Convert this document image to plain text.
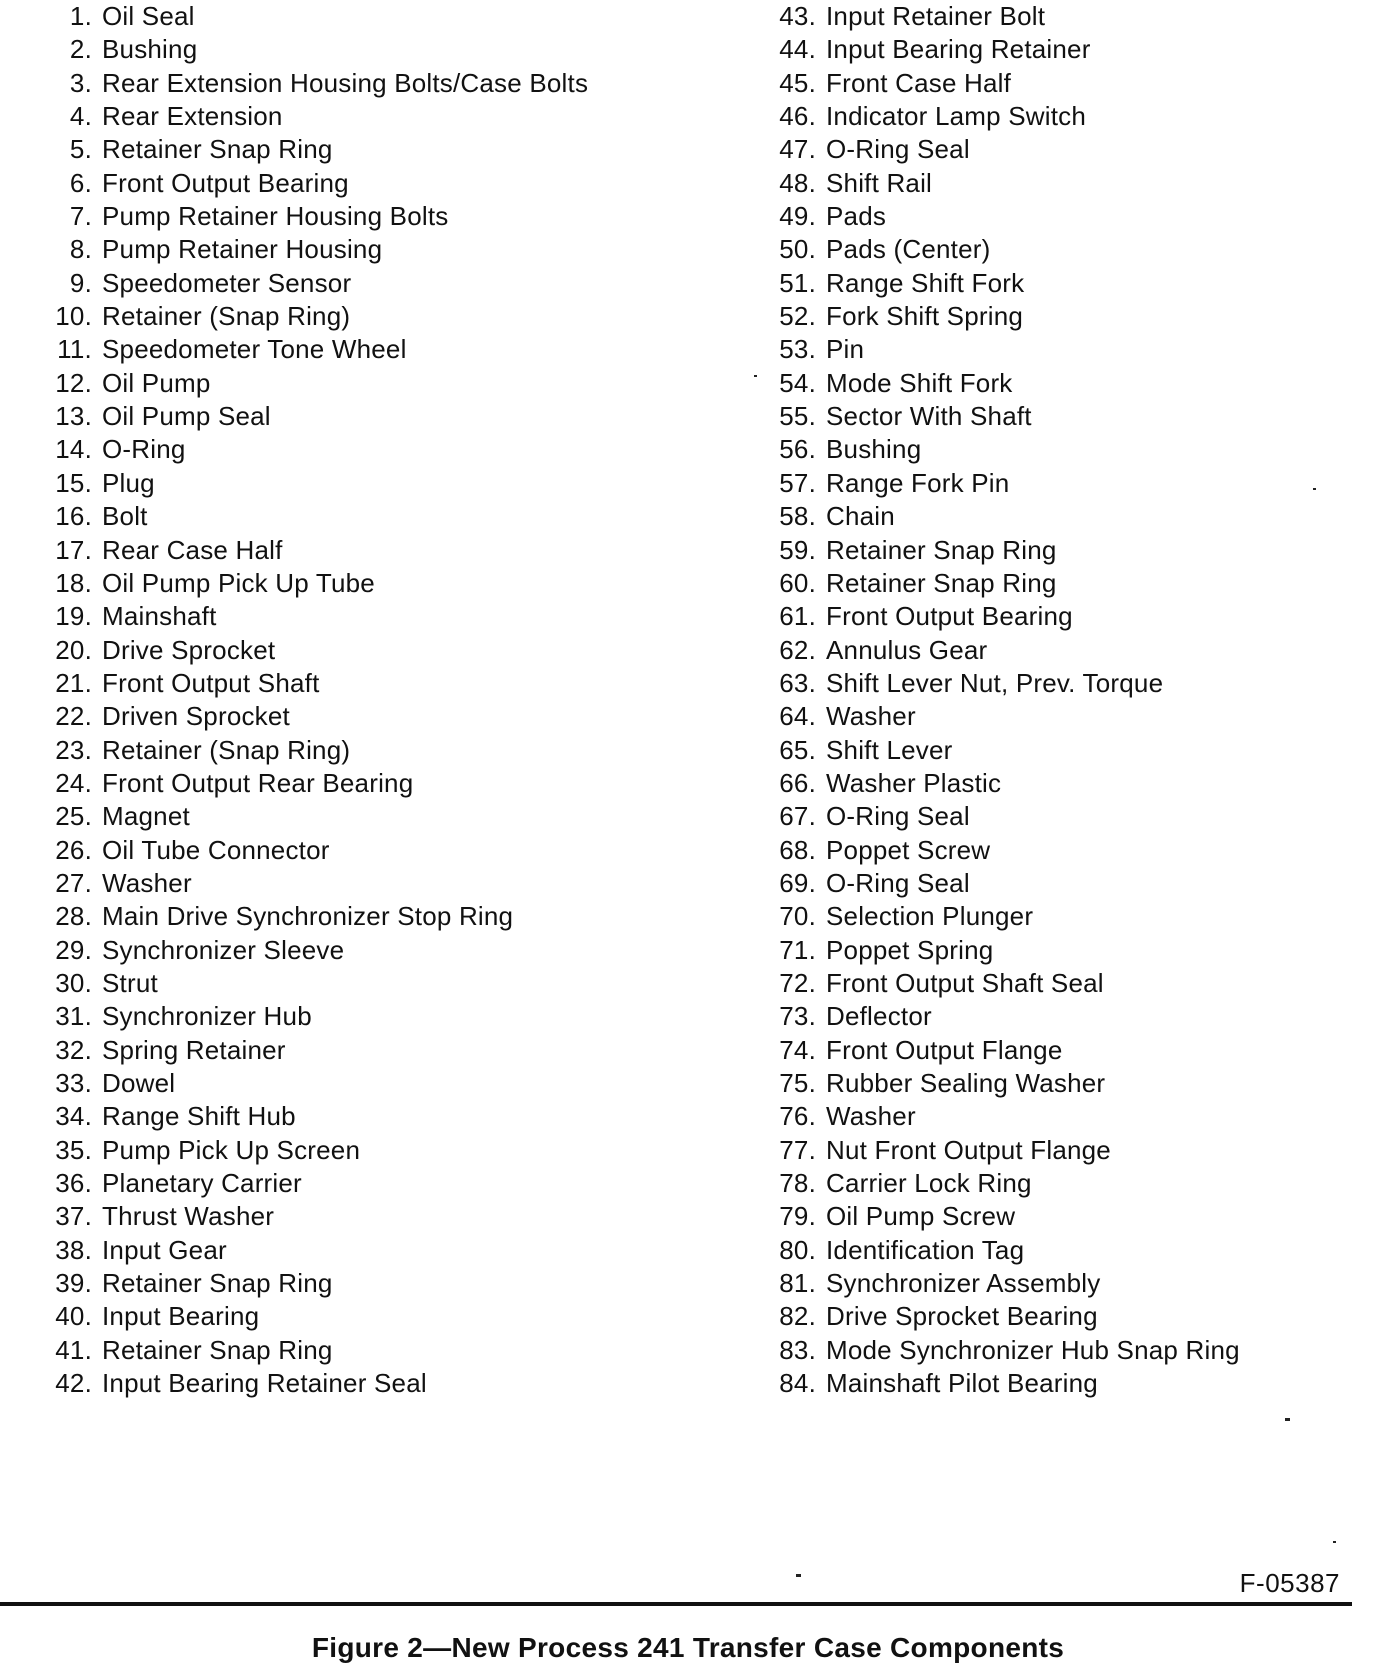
1. Oil Seal
2. Bushing
3. Rear Extension Housing Bolts/Case Bolts
4. Rear Extension
5. Retainer Snap Ring
6. Front Output Bearing
7. Pump Retainer Housing Bolts
8. Pump Retainer Housing
9. Speedometer Sensor
10. Retainer (Snap Ring)
11. Speedometer Tone Wheel
12. Oil Pump
13. Oil Pump Seal
14. O-Ring
15. Plug
16. Bolt
17. Rear Case Half
18. Oil Pump Pick Up Tube
19. Mainshaft
20. Drive Sprocket
21. Front Output Shaft
22. Driven Sprocket
23. Retainer (Snap Ring)
24. Front Output Rear Bearing
25. Magnet
26. Oil Tube Connector
27. Washer
28. Main Drive Synchronizer Stop Ring
29. Synchronizer Sleeve
30. Strut
31. Synchronizer Hub
32. Spring Retainer
33. Dowel
34. Range Shift Hub
35. Pump Pick Up Screen
36. Planetary Carrier
37. Thrust Washer
38. Input Gear
39. Retainer Snap Ring
40. Input Bearing
41. Retainer Snap Ring
42. Input Bearing Retainer Seal
43. Input Retainer Bolt
44. Input Bearing Retainer
45. Front Case Half
46. Indicator Lamp Switch
47. O-Ring Seal
48. Shift Rail
49. Pads
50. Pads (Center)
51. Range Shift Fork
52. Fork Shift Spring
53. Pin
54. Mode Shift Fork
55. Sector With Shaft
56. Bushing
57. Range Fork Pin
58. Chain
59. Retainer Snap Ring
60. Retainer Snap Ring
61. Front Output Bearing
62. Annulus Gear
63. Shift Lever Nut, Prev. Torque
64. Washer
65. Shift Lever
66. Washer Plastic
67. O-Ring Seal
68. Poppet Screw
69. O-Ring Seal
70. Selection Plunger
71. Poppet Spring
72. Front Output Shaft Seal
73. Deflector
74. Front Output Flange
75. Rubber Sealing Washer
76. Washer
77. Nut Front Output Flange
78. Carrier Lock Ring
79. Oil Pump Screw
80. Identification Tag
81. Synchronizer Assembly
82. Drive Sprocket Bearing
83. Mode Synchronizer Hub Snap Ring
84. Mainshaft Pilot Bearing
F-05387
Figure 2—New Process 241 Transfer Case Components
